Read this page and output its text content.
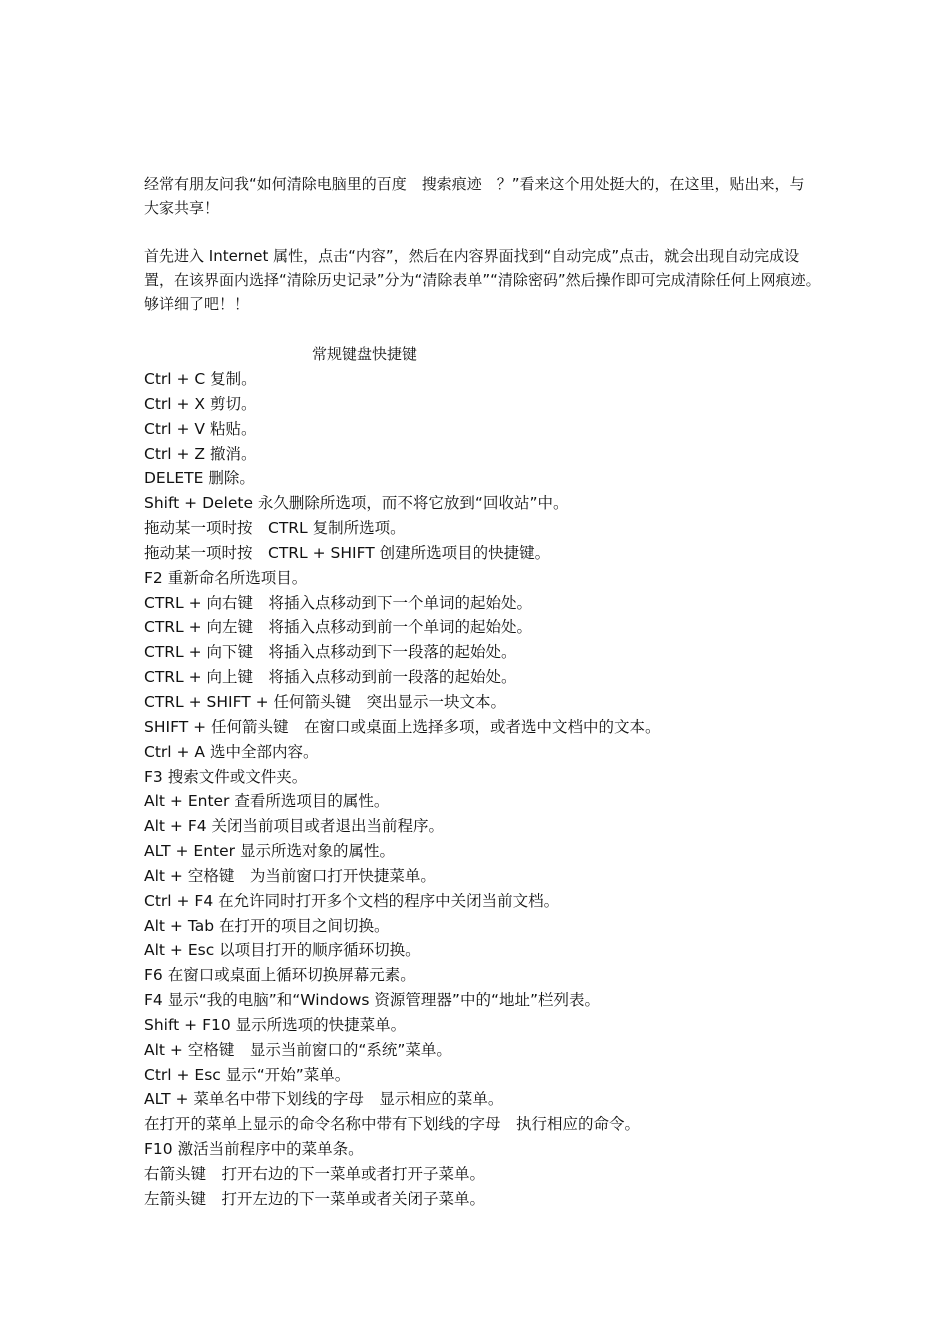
经常有朋友问我“如何清除电脑里的百度　搜索痕迹　？”看来这个用处挺大的，在这里，贴出来，与大家共享！

首先进入 Internet 属性，点击“内容”，然后在内容界面找到“自动完成”点击，就会出现自动完成设置，在该界面内选择“清除历史记录”分为“清除表单”“清除密码”然后操作即可完成清除任何上网痕迹。　够详细了吧！！

常规键盘快捷键
Ctrl + C 复制。
Ctrl + X 剪切。
Ctrl + V 粘贴。
Ctrl + Z 撤消。
DELETE 删除。
Shift + Delete 永久删除所选项，而不将它放到“回收站”中。
拖动某一项时按　CTRL 复制所选项。
拖动某一项时按　CTRL + SHIFT 创建所选项目的快捷键。
F2 重新命名所选项目。
CTRL + 向右键　将插入点移动到下一个单词的起始处。
CTRL + 向左键　将插入点移动到前一个单词的起始处。
CTRL + 向下键　将插入点移动到下一段落的起始处。
CTRL + 向上键　将插入点移动到前一段落的起始处。
CTRL + SHIFT + 任何箭头键　突出显示一块文本。
SHIFT + 任何箭头键　在窗口或桌面上选择多项，或者选中文档中的文本。
Ctrl + A 选中全部内容。
F3 搜索文件或文件夹。
Alt + Enter 查看所选项目的属性。
Alt + F4 关闭当前项目或者退出当前程序。
ALT + Enter 显示所选对象的属性。
Alt + 空格键　为当前窗口打开快捷菜单。
Ctrl + F4 在允许同时打开多个文档的程序中关闭当前文档。
Alt + Tab 在打开的项目之间切换。
Alt + Esc 以项目打开的顺序循环切换。
F6 在窗口或桌面上循环切换屏幕元素。
F4 显示“我的电脑”和“Windows 资源管理器”中的“地址”栏列表。
Shift + F10 显示所选项的快捷菜单。
Alt + 空格键　显示当前窗口的“系统”菜单。
Ctrl + Esc 显示“开始”菜单。
ALT + 菜单名中带下划线的字母　显示相应的菜单。
在打开的菜单上显示的命令名称中带有下划线的字母　执行相应的命令。
F10 激活当前程序中的菜单条。
右箭头键　打开右边的下一菜单或者打开子菜单。
左箭头键　打开左边的下一菜单或者关闭子菜单。
